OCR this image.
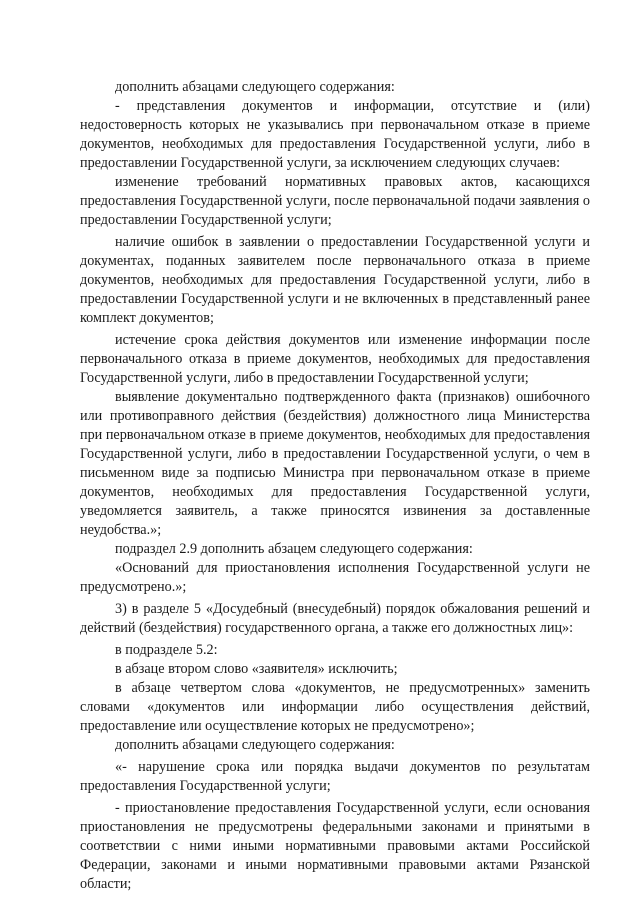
дополнить абзацами следующего содержания:

- представления документов и информации, отсутствие и (или) недостоверность которых не указывались при первоначальном отказе в приеме документов, необходимых для предоставления Государственной услуги, либо в предоставлении Государственной услуги, за исключением следующих случаев:

изменение требований нормативных правовых актов, касающихся предоставления Государственной услуги, после первоначальной подачи заявления о предоставлении Государственной услуги;

наличие ошибок в заявлении о предоставлении Государственной услуги и документах, поданных заявителем после первоначального отказа в приеме документов, необходимых для предоставления Государственной услуги, либо в предоставлении Государственной услуги и не включенных в представленный ранее комплект документов;

истечение срока действия документов или изменение информации после первоначального отказа в приеме документов, необходимых для предоставления Государственной услуги, либо в предоставлении Государственной услуги;

выявление документально подтвержденного факта (признаков) ошибочного или противоправного действия (бездействия) должностного лица Министерства при первоначальном отказе в приеме документов, необходимых для предоставления Государственной услуги, либо в предоставлении Государственной услуги, о чем в письменном виде за подписью Министра при первоначальном отказе в приеме документов, необходимых для предоставления Государственной услуги, уведомляется заявитель, а также приносятся извинения за доставленные неудобства.»;

подраздел 2.9 дополнить абзацем следующего содержания:

«Оснований для приостановления исполнения Государственной услуги не предусмотрено.»;

3) в разделе 5 «Досудебный (внесудебный) порядок обжалования решений и действий (бездействия) государственного органа, а также его должностных лиц»:

в подразделе 5.2:

в абзаце втором слово «заявителя» исключить;

в абзаце четвертом слова «документов, не предусмотренных» заменить словами «документов или информации либо осуществления действий, предоставление или осуществление которых не предусмотрено»;

дополнить абзацами следующего содержания:

«- нарушение срока или порядка выдачи документов по результатам предоставления Государственной услуги;

- приостановление предоставления Государственной услуги, если основания приостановления не предусмотрены федеральными законами и принятыми в соответствии с ними иными нормативными правовыми актами Российской Федерации, законами и иными нормативными правовыми актами Рязанской области;
